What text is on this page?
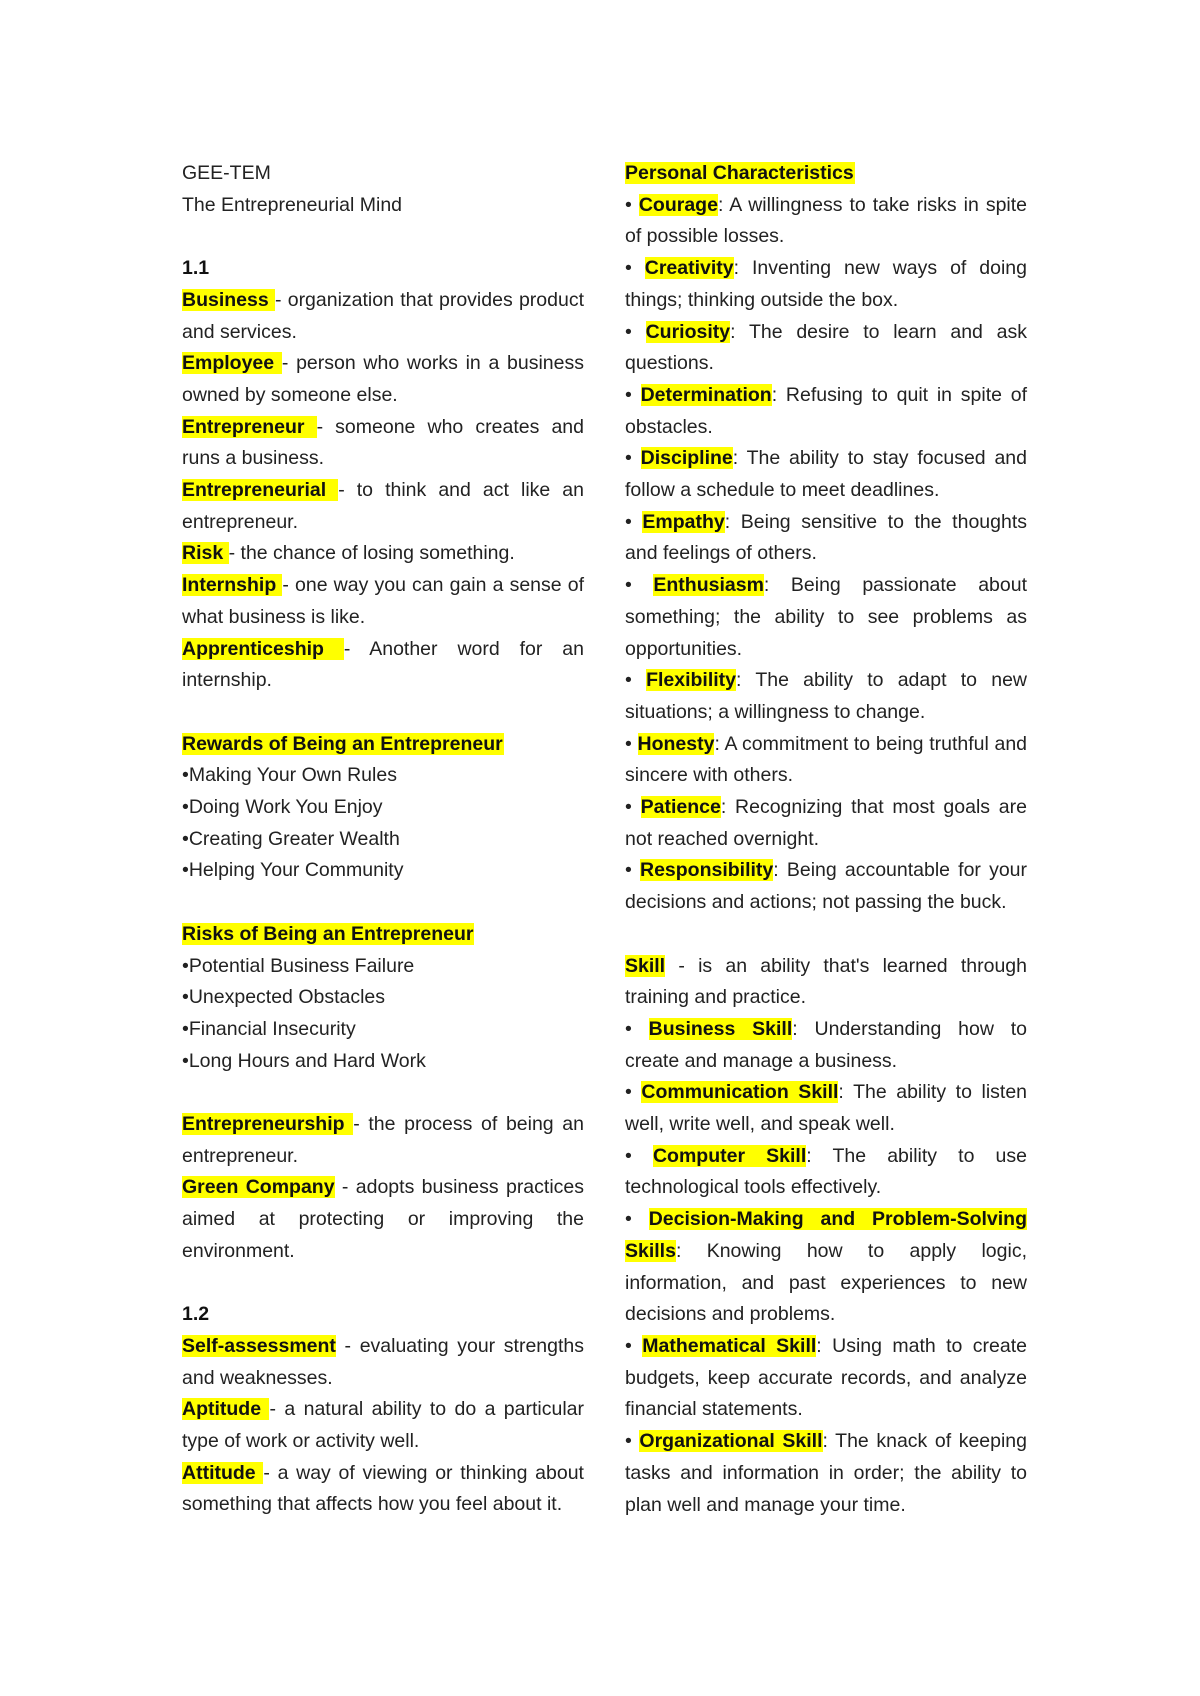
GEE-TEM
The Entrepreneurial Mind
1.1
Business - organization that provides product and services.
Employee - person who works in a business owned by someone else.
Entrepreneur - someone who creates and runs a business.
Entrepreneurial - to think and act like an entrepreneur.
Risk - the chance of losing something.
Internship - one way you can gain a sense of what business is like.
Apprenticeship - Another word for an internship.
Rewards of Being an Entrepreneur
•Making Your Own Rules
•Doing Work You Enjoy
•Creating Greater Wealth
•Helping Your Community
Risks of Being an Entrepreneur
•Potential Business Failure
•Unexpected Obstacles
•Financial Insecurity
•Long Hours and Hard Work
Entrepreneurship - the process of being an entrepreneur.
Green Company - adopts business practices aimed at protecting or improving the environment.
1.2
Self-assessment - evaluating your strengths and weaknesses.
Aptitude - a natural ability to do a particular type of work or activity well.
Attitude - a way of viewing or thinking about something that affects how you feel about it.
Personal Characteristics
• Courage: A willingness to take risks in spite of possible losses.
• Creativity: Inventing new ways of doing things; thinking outside the box.
• Curiosity: The desire to learn and ask questions.
• Determination: Refusing to quit in spite of obstacles.
• Discipline: The ability to stay focused and follow a schedule to meet deadlines.
• Empathy: Being sensitive to the thoughts and feelings of others.
• Enthusiasm: Being passionate about something; the ability to see problems as opportunities.
• Flexibility: The ability to adapt to new situations; a willingness to change.
• Honesty: A commitment to being truthful and sincere with others.
• Patience: Recognizing that most goals are not reached overnight.
• Responsibility: Being accountable for your decisions and actions; not passing the buck.
Skill - is an ability that's learned through training and practice.
• Business Skill: Understanding how to create and manage a business.
• Communication Skill: The ability to listen well, write well, and speak well.
• Computer Skill: The ability to use technological tools effectively.
• Decision-Making and Problem-Solving Skills: Knowing how to apply logic, information, and past experiences to new decisions and problems.
• Mathematical Skill: Using math to create budgets, keep accurate records, and analyze financial statements.
• Organizational Skill: The knack of keeping tasks and information in order; the ability to plan well and manage your time.
